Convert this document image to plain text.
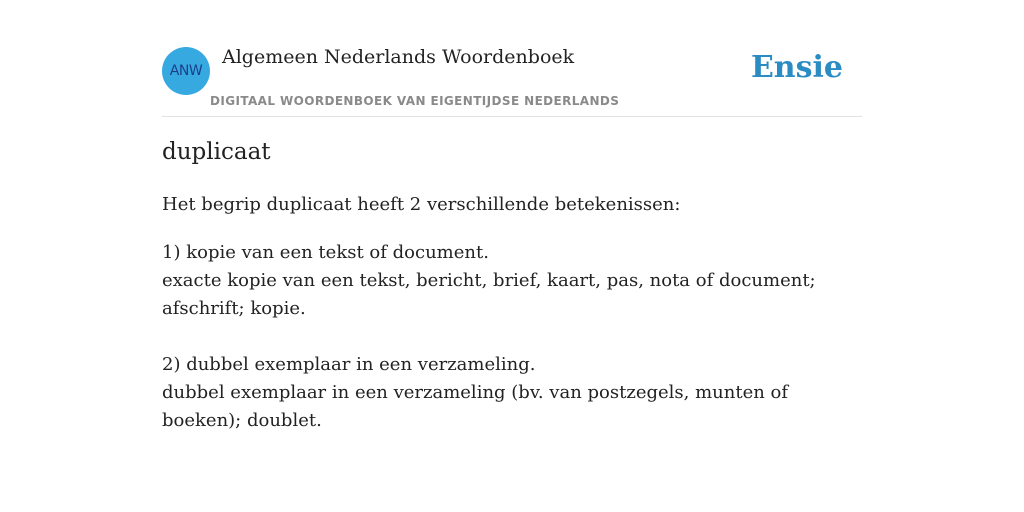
ANW
Algemeen Nederlands Woordenboek
DIGITAAL WOORDENBOEK VAN EIGENTIJDSE NEDERLANDS
Ensie
duplicaat
Het begrip duplicaat heeft 2 verschillende betekenissen:
1) kopie van een tekst of document.
exacte kopie van een tekst, bericht, brief, kaart, pas, nota of document; afschrift; kopie.
2) dubbel exemplaar in een verzameling.
dubbel exemplaar in een verzameling (bv. van postzegels, munten of boeken); doublet.
